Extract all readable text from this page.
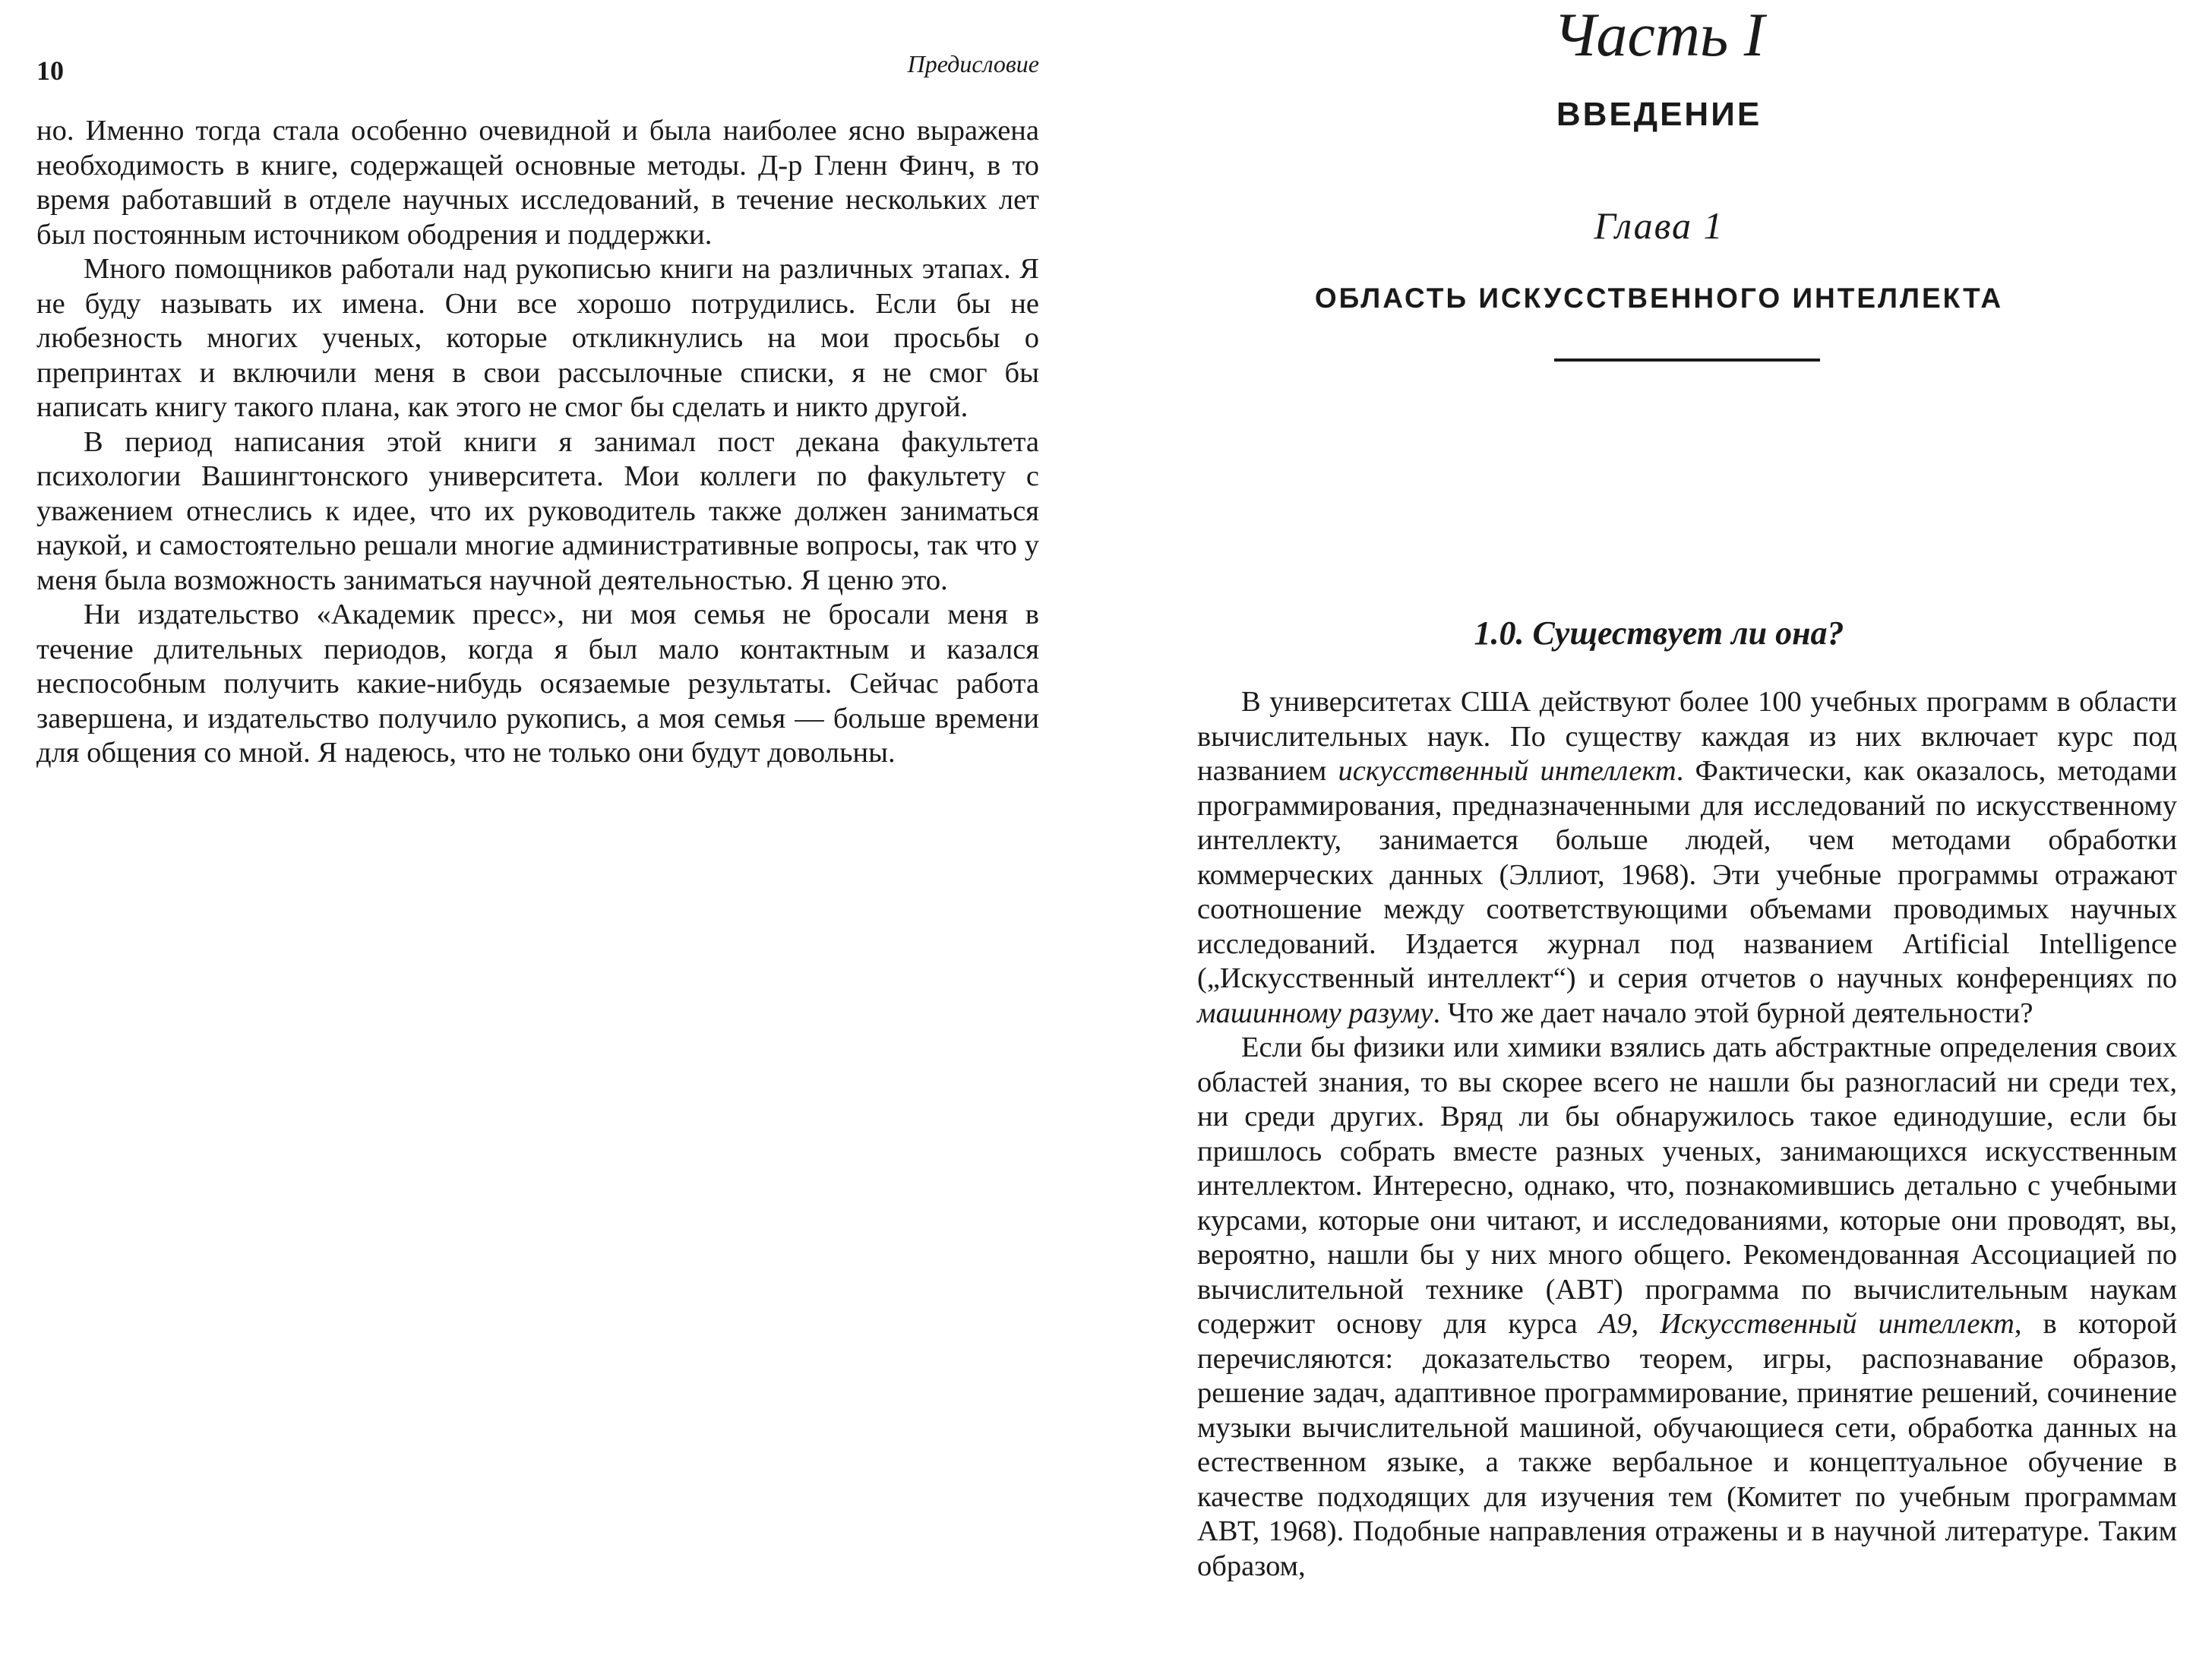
10	Предисловие

но. Именно тогда стала особенно очевидной и была наиболее ясно выражена необходимость в книге, содержащей основные методы. Д-р Гленн Финч, в то время работавший в отделе научных исследований, в течение нескольких лет был постоянным источником ободрения и поддержки.

Много помощников работали над рукописью книги на различных этапах. Я не буду называть их имена. Они все хорошо потрудились. Если бы не любезность многих ученых, которые откликнулись на мои просьбы о препринтах и включили меня в свои рассылочные списки, я не смог бы написать книгу такого плана, как этого не смог бы сделать и никто другой.

В период написания этой книги я занимал пост декана факультета психологии Вашингтонского университета. Мои коллеги по факультету с уважением отнеслись к идее, что их руководитель также должен заниматься наукой, и самостоятельно решали многие административные вопросы, так что у меня была возможность заниматься научной деятельностью. Я ценю это.

Ни издательство «Академик пресс», ни моя семья не бросали меня в течение длительных периодов, когда я был мало контактным и казался неспособным получить какие-нибудь осязаемые результаты. Сейчас работа завершена, и издательство получило рукопись, а моя семья — больше времени для общения со мной. Я надеюсь, что не только они будут довольны.

Часть I
ВВЕДЕНИЕ
Глава 1
ОБЛАСТЬ ИСКУССТВЕННОГО ИНТЕЛЛЕКТА
1.0. Существует ли она?

В университетах США действуют более 100 учебных программ в области вычислительных наук. По существу каждая из них включает курс под названием искусственный интеллект. Фактически, как оказалось, методами программирования, предназначенными для исследований по искусственному интеллекту, занимается больше людей, чем методами обработки коммерческих данных (Эллиот, 1968). Эти учебные программы отражают соотношение между соответствующими объемами проводимых научных исследований. Издается журнал под названием Artificial Intelligence („Искусственный интеллект“) и серия отчетов о научных конференциях по машинному разуму. Что же дает начало этой бурной деятельности?

Если бы физики или химики взялись дать абстрактные определения своих областей знания, то вы скорее всего не нашли бы разногласий ни среди тех, ни среди других. Вряд ли бы обнаружилось такое единодушие, если бы пришлось собрать вместе разных ученых, занимающихся искусственным интеллектом. Интересно, однако, что, познакомившись детально с учебными курсами, которые они читают, и исследованиями, которые они проводят, вы, вероятно, нашли бы у них много общего. Рекомендованная Ассоциацией по вычислительной технике (АВТ) программа по вычислительным наукам содержит основу для курса А9, Искусственный интеллект, в которой перечисляются: доказательство теорем, игры, распознавание образов, решение задач, адаптивное программирование, принятие решений, сочинение музыки вычислительной машиной, обучающиеся сети, обработка данных на естественном языке, а также вербальное и концептуальное обучение в качестве подходящих для изучения тем (Комитет по учебным программам АВТ, 1968). Подобные направления отражены и в научной литературе. Таким образом,
